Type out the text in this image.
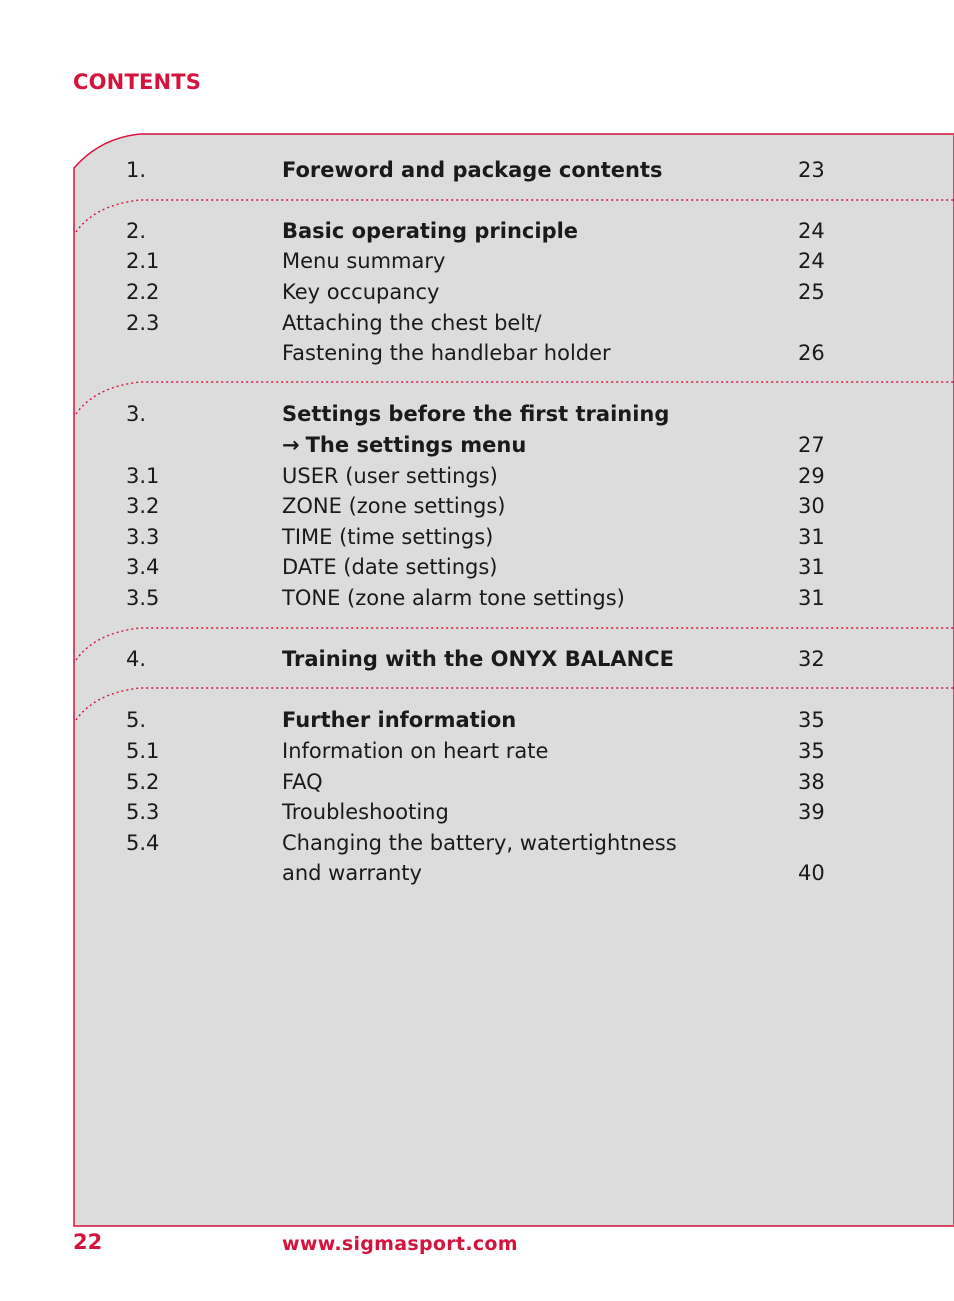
CONTENTS
1.	Foreword and package contents	23
2.	Basic operating principle	24
2.1	Menu summary	24
2.2	Key occupancy	25
2.3	Attaching the chest belt/
Fastening the handlebar holder	26
3.	Settings before the first training
→ The settings menu	27
3.1	USER (user settings)	29
3.2	ZONE (zone settings)	30
3.3	TIME (time settings)	31
3.4	DATE (date settings)	31
3.5	TONE (zone alarm tone settings)	31
4.	Training with the ONYX BALANCE	32
5.	Further information	35
5.1	Information on heart rate	35
5.2	FAQ	38
5.3	Troubleshooting	39
5.4	Changing the battery, watertightness
and warranty	40
22	www.sigmasport.com
